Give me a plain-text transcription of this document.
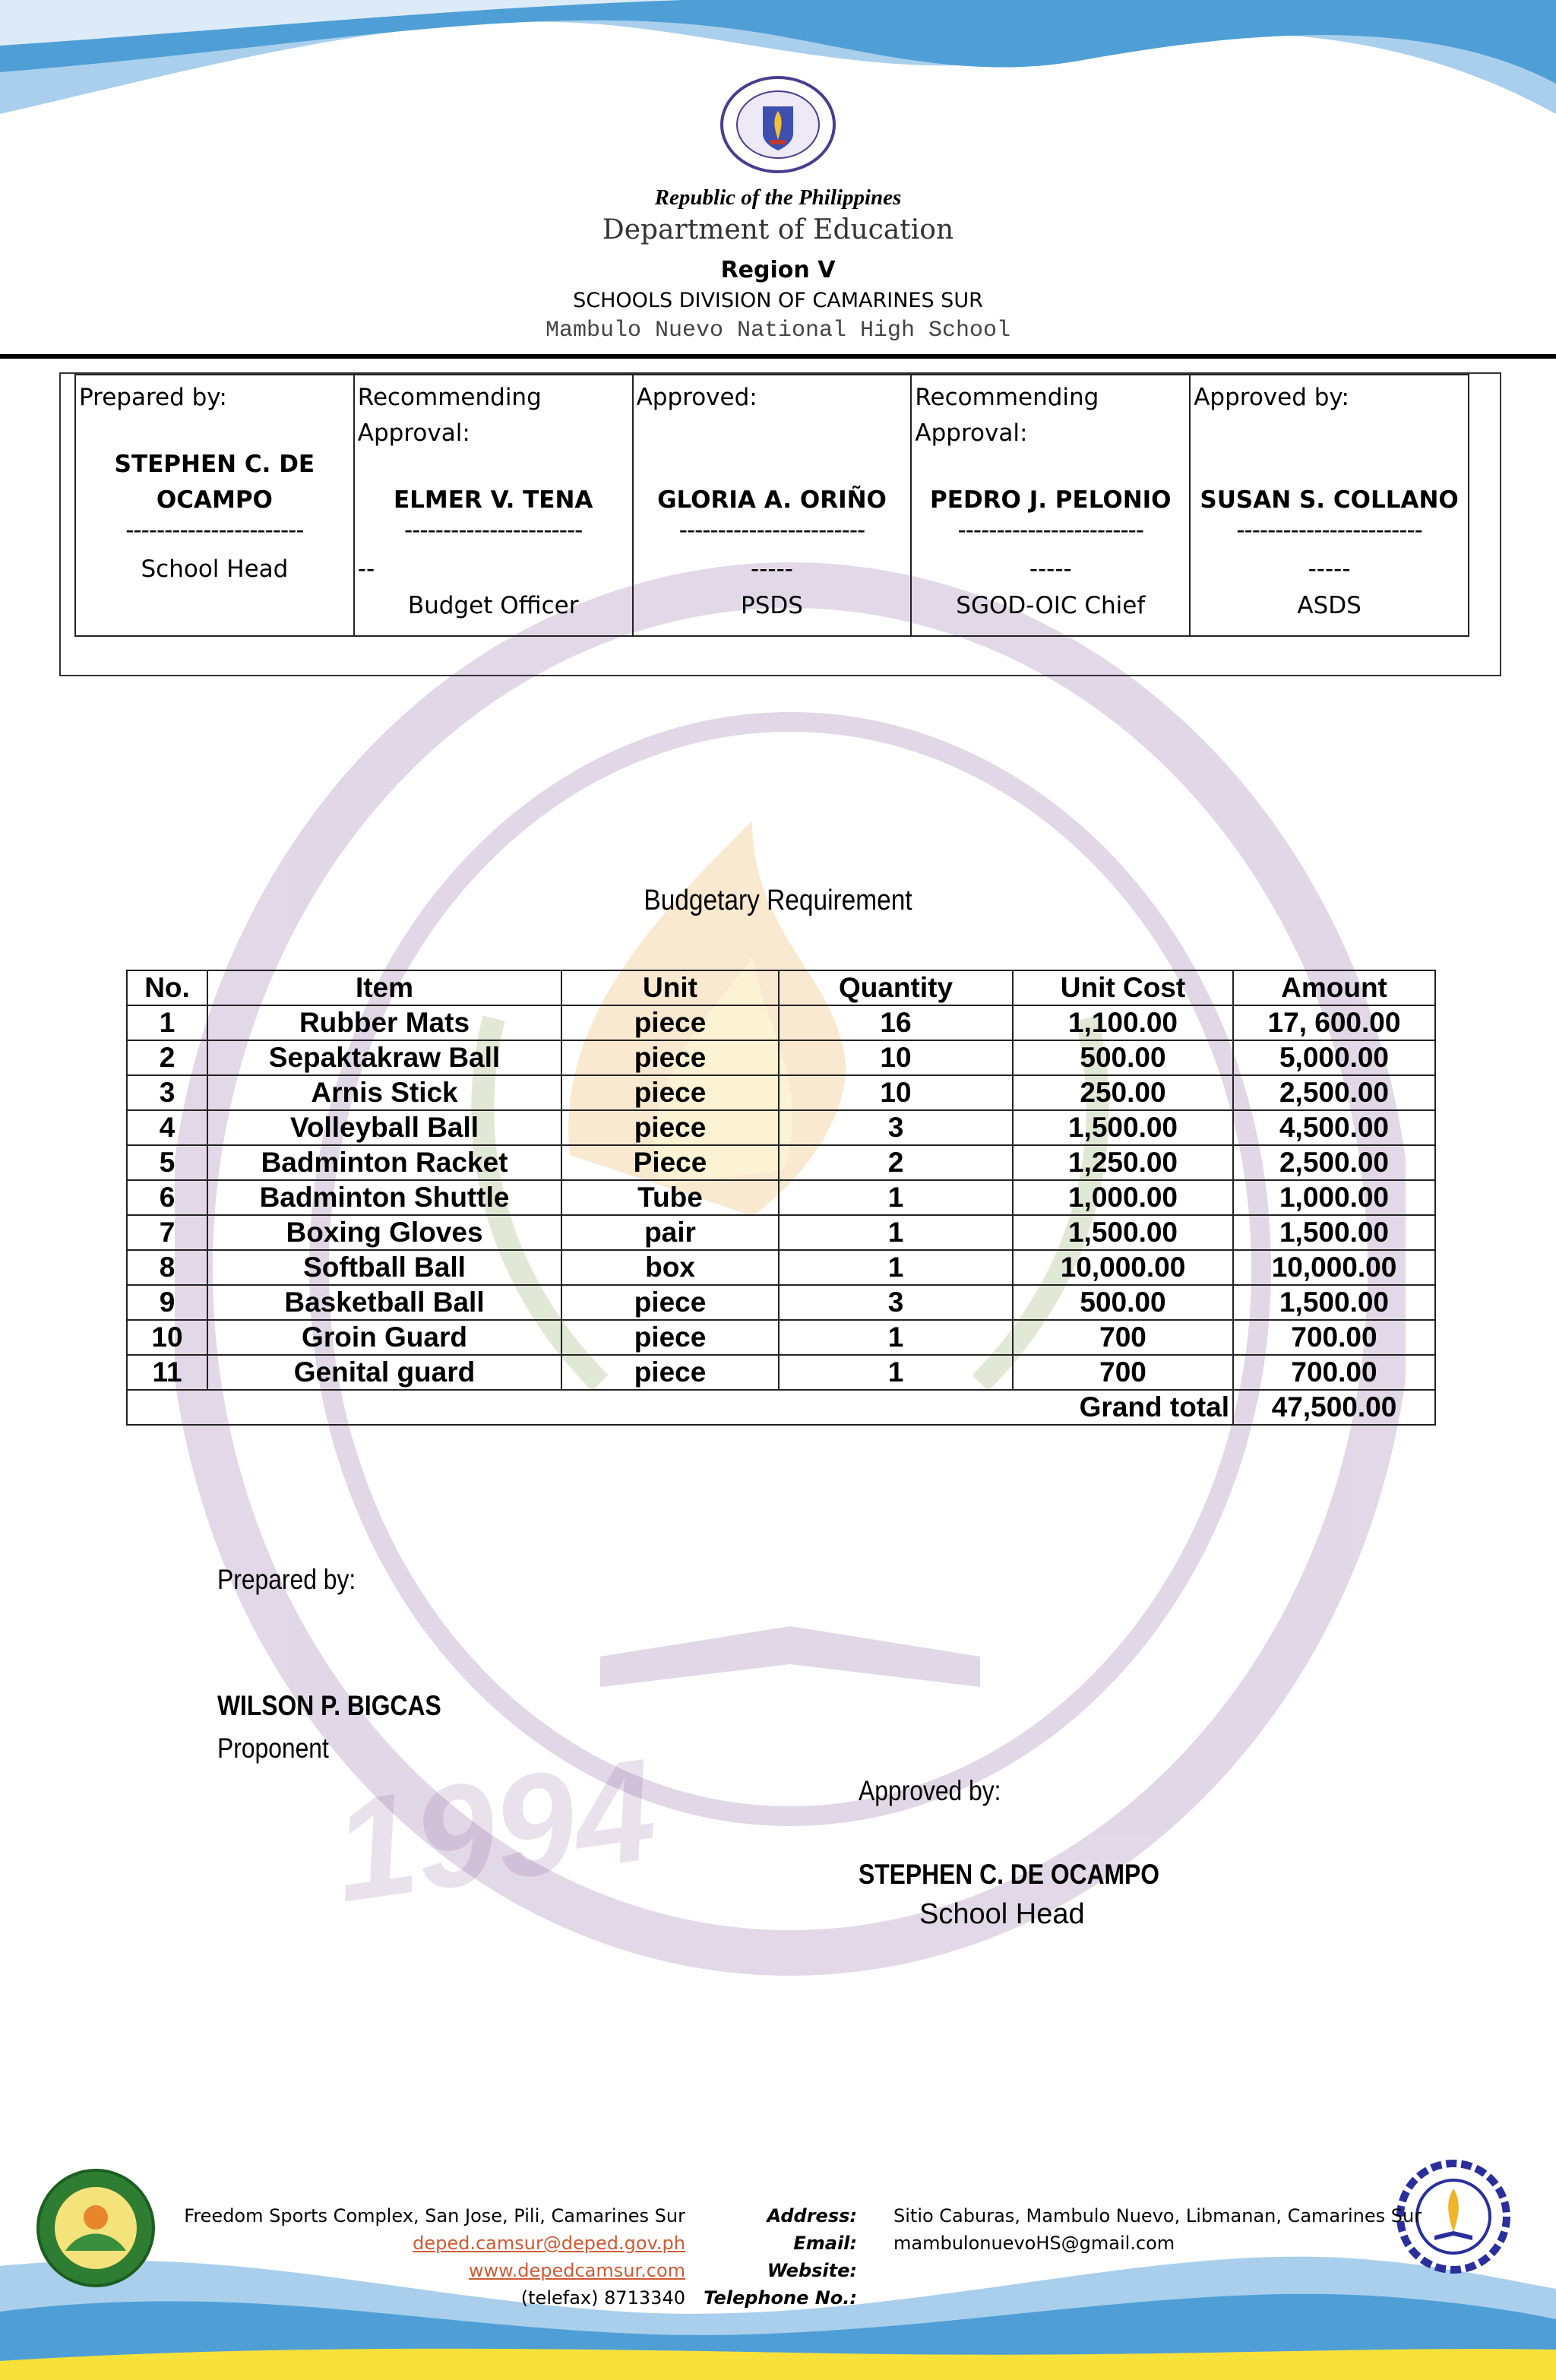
1994
Republic of the Philippines
Department of Education
Region V
SCHOOLS DIVISION OF CAMARINES SUR
Mambulo Nuevo National High School
Prepared by:
STEPHEN C. DE
OCAMPO
-----------------------
School Head

Recommending
Approval:
ELMER V. TENA
-----------------------
--
Budget Officer

Approved:
GLORIA A. ORIÑO
------------------------
-----
PSDS

Recommending
Approval:
PEDRO J. PELONIO
------------------------
-----
SGOD-OIC Chief

Approved by:
SUSAN S. COLLANO
------------------------
-----
ASDS
Budgetary Requirement
No.	Item	Unit	Quantity	Unit Cost	Amount
1	Rubber Mats	piece	16	1,100.00	17, 600.00
2	Sepaktakraw Ball	piece	10	500.00	5,000.00
3	Arnis Stick	piece	10	250.00	2,500.00
4	Volleyball Ball	piece	3	1,500.00	4,500.00
5	Badminton Racket	Piece	2	1,250.00	2,500.00
6	Badminton Shuttle	Tube	1	1,000.00	1,000.00
7	Boxing Gloves	pair	1	1,500.00	1,500.00
8	Softball Ball	box	1	10,000.00	10,000.00
9	Basketball Ball	piece	3	500.00	1,500.00
10	Groin Guard	piece	1	700	700.00
11	Genital guard	piece	1	700	700.00
				Grand total	47,500.00
Prepared by:
WILSON P. BIGCAS
Proponent
Approved by:
STEPHEN C. DE OCAMPO
School Head
Freedom Sports Complex, San Jose, Pili, Camarines Sur
deped.camsur@deped.gov.ph
www.depedcamsur.com
(telefax) 8713340
Address:
Email:
Website:
Telephone No.:
Sitio Caburas, Mambulo Nuevo, Libmanan, Camarines Sur
mambulonuevoHS@gmail.com
